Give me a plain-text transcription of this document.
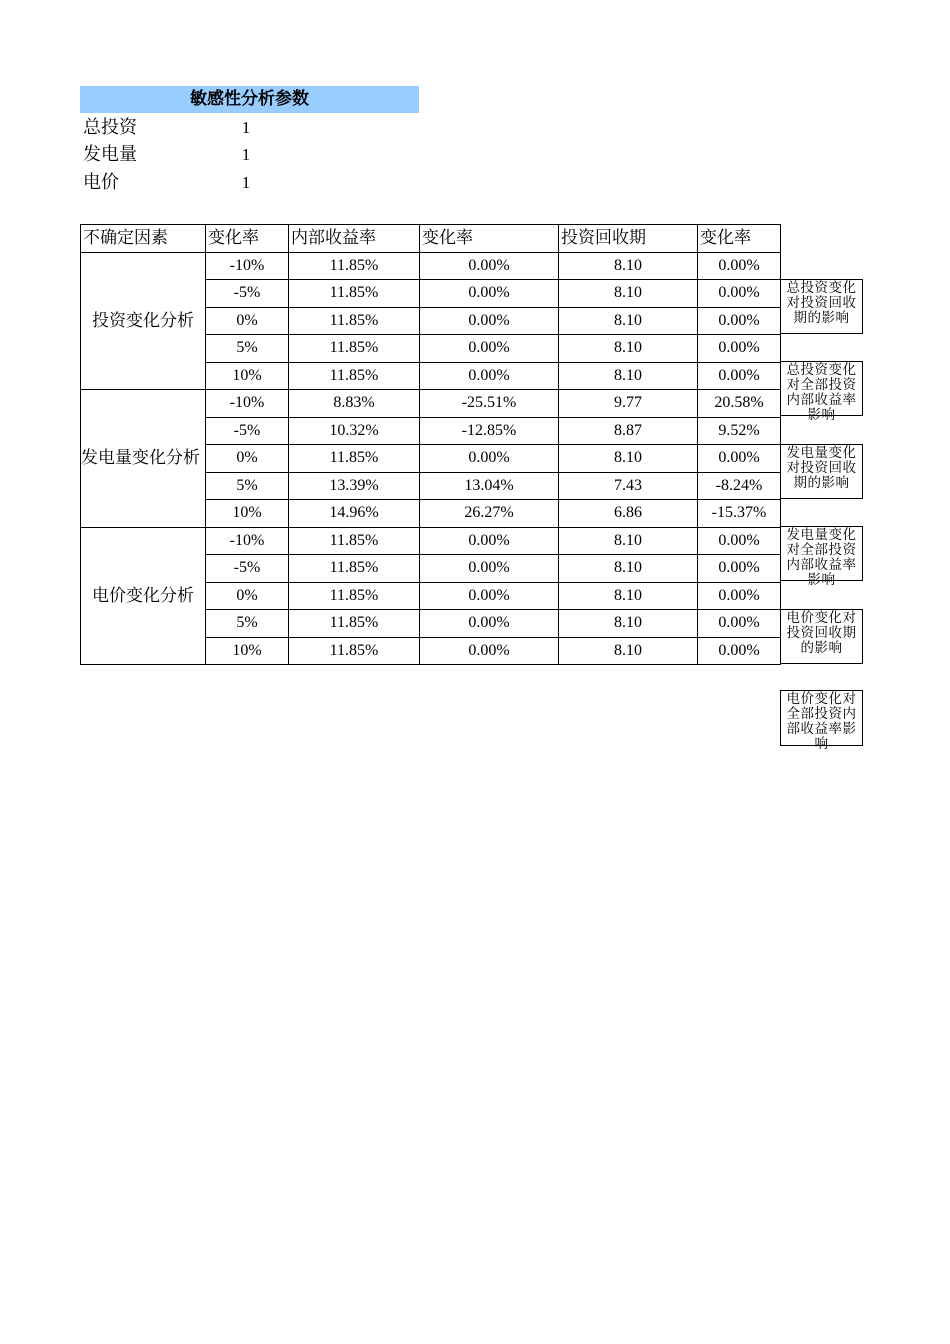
敏感性分析参数
总投资	1
发电量	1
电价	1
不确定因素	变化率	内部收益率	变化率	投资回收期	变化率
投资变化分析	-10%	11.85%	0.00%	8.10	0.00%
	-5%	11.85%	0.00%	8.10	0.00%
	0%	11.85%	0.00%	8.10	0.00%
	5%	11.85%	0.00%	8.10	0.00%
	10%	11.85%	0.00%	8.10	0.00%
发电量变化分析	-10%	8.83%	-25.51%	9.77	20.58%
	-5%	10.32%	-12.85%	8.87	9.52%
	0%	11.85%	0.00%	8.10	0.00%
	5%	13.39%	13.04%	7.43	-8.24%
	10%	14.96%	26.27%	6.86	-15.37%
电价变化分析	-10%	11.85%	0.00%	8.10	0.00%
	-5%	11.85%	0.00%	8.10	0.00%
	0%	11.85%	0.00%	8.10	0.00%
	5%	11.85%	0.00%	8.10	0.00%
	10%	11.85%	0.00%	8.10	0.00%
总投资变化对投资回收期的影响
总投资变化对全部投资内部收益率影响
发电量变化对投资回收期的影响
发电量变化对全部投资内部收益率影响
电价变化对投资回收期的影响
电价变化对全部投资内部收益率影响
